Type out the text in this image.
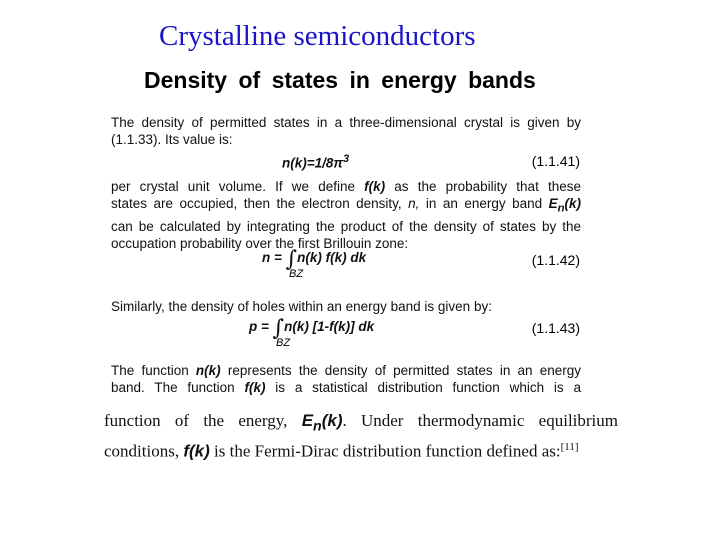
Crystalline semiconductors
Density of states in energy bands
The density of permitted states in a three-dimensional crystal is given by
(1.1.33). Its value is:
$n(k)=1/8\pi^3$	(1.1.41)
per crystal unit volume. If we define f(k) as the probability that these
states are occupied, then the electron density, n, in an energy band $E_n(k)$
can be calculated by integrating the product of the density of states by the
occupation probability over the first Brillouin zone:
n = ∫n(k) f(k) dk
BZ
(1.1.42)
Similarly, the density of holes within an energy band is given by:
p = ∫n(k) [1-f(k)] dk
BZ
(1.1.43)
The function n(k) represents the density of permitted states in an energy
band. The function f(k) is a statistical distribution function which is a
function of the energy, $E_n(k)$. Under thermodynamic equilibrium
conditions, f(k) is the Fermi-Dirac distribution function defined as:[11]
